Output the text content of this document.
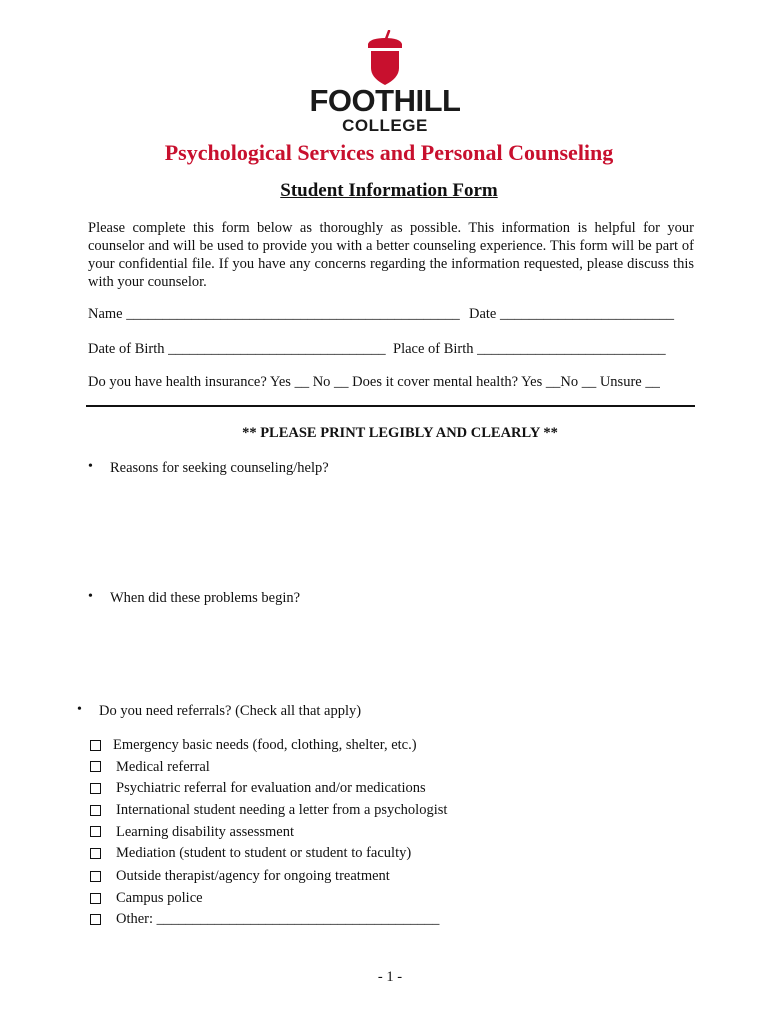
FOOTHILL
COLLEGE
Psychological Services and Personal Counseling
Student Information Form
Please complete this form below as thoroughly as possible. This information is helpful for your counselor and will be used to provide you with a better counseling experience. This form will be part of your confidential file. If you have any concerns regarding the information requested, please discuss this with your counselor.
Name ______________________________________________ Date ________________________
Date of Birth ______________________________ Place of Birth __________________________
Do you have health insurance? Yes __ No __ Does it cover mental health? Yes __No __ Unsure __
** PLEASE PRINT LEGIBLY AND CLEARLY **
• Reasons for seeking counseling/help?
• When did these problems begin?
• Do you need referrals? (Check all that apply)
Emergency basic needs (food, clothing, shelter, etc.)
Medical referral
Psychiatric referral for evaluation and/or medications
International student needing a letter from a psychologist
Learning disability assessment
Mediation (student to student or student to faculty)
Outside therapist/agency for ongoing treatment
Campus police
Other: _______________________________________
- 1 -
